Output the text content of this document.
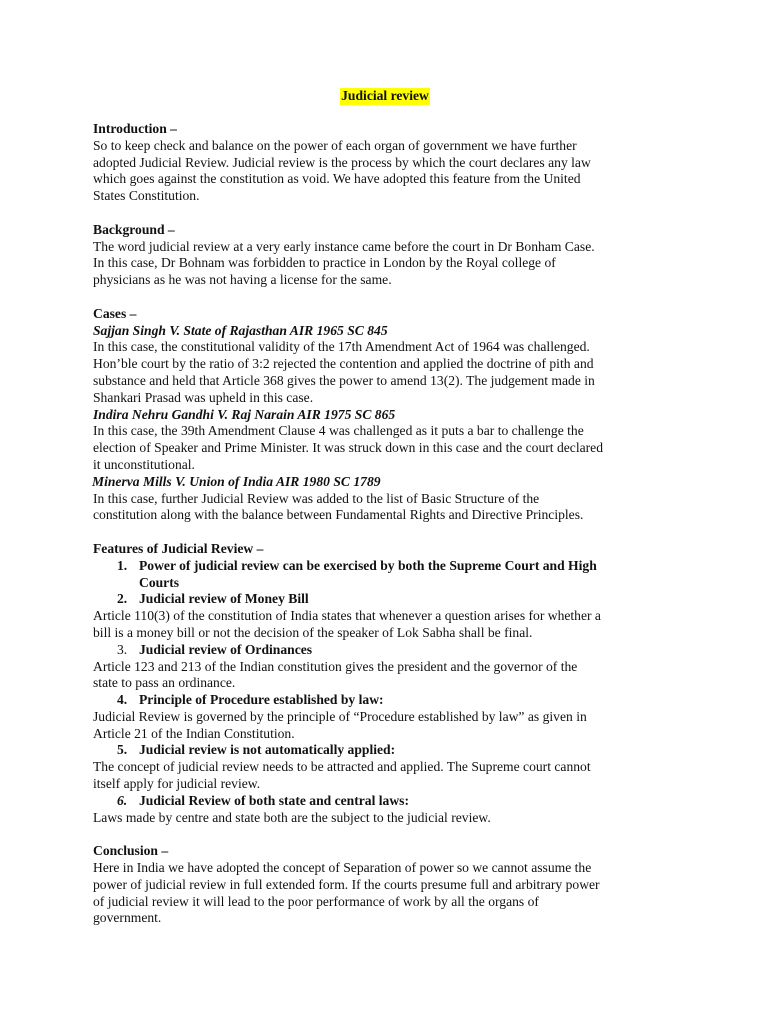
Judicial review

Introduction –

So to keep check and balance on the power of each organ of government we have further

adopted Judicial Review. Judicial review is the process by which the court declares any law

which goes against the constitution as void. We have adopted this feature from the United

States Constitution.

Background –

The word judicial review at a very early instance came before the court in Dr Bonham Case.

In this case, Dr Bohnam was forbidden to practice in London by the Royal college of

physicians as he was not having a license for the same.

Cases –

Sajjan Singh V. State of Rajasthan AIR 1965 SC 845

In this case, the constitutional validity of the 17th Amendment Act of 1964 was challenged.

Hon’ble court by the ratio of 3:2 rejected the contention and applied the doctrine of pith and

substance and held that Article 368 gives the power to amend 13(2). The judgement made in

Shankari Prasad was upheld in this case.

Indira Nehru Gandhi V. Raj Narain AIR 1975 SC 865

In this case, the 39th Amendment Clause 4 was challenged as it puts a bar to challenge the

election of Speaker and Prime Minister. It was struck down in this case and the court declared

it unconstitutional.

Minerva Mills V. Union of India AIR 1980 SC 1789

In this case, further Judicial Review was added to the list of Basic Structure of the

constitution along with the balance between Fundamental Rights and Directive Principles.

Features of Judicial Review –

1. Power of judicial review can be exercised by both the Supreme Court and High

Courts

2. Judicial review of Money Bill

Article 110(3) of the constitution of India states that whenever a question arises for whether a

bill is a money bill or not the decision of the speaker of Lok Sabha shall be final.

3. Judicial review of Ordinances

Article 123 and 213 of the Indian constitution gives the president and the governor of the

state to pass an ordinance.

4. Principle of Procedure established by law:

Judicial Review is governed by the principle of “Procedure established by law” as given in

Article 21 of the Indian Constitution.

5. Judicial review is not automatically applied:

The concept of judicial review needs to be attracted and applied. The Supreme court cannot

itself apply for judicial review.

6. Judicial Review of both state and central laws:

Laws made by centre and state both are the subject to the judicial review.

Conclusion –

Here in India we have adopted the concept of Separation of power so we cannot assume the

power of judicial review in full extended form. If the courts presume full and arbitrary power

of judicial review it will lead to the poor performance of work by all the organs of

government.
